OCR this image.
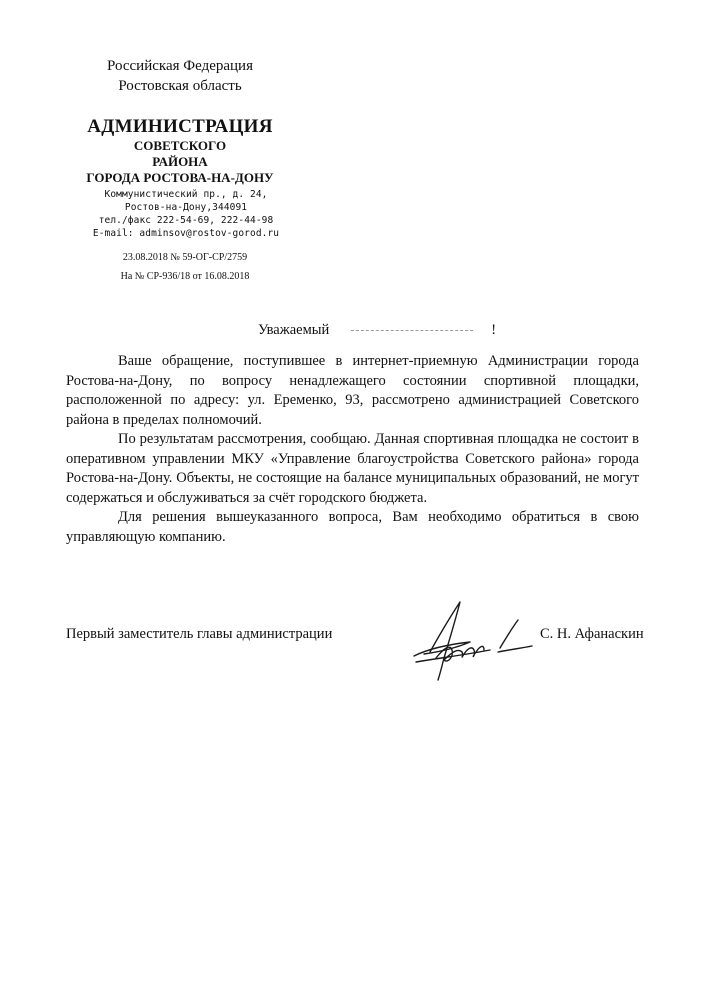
Российская Федерация
Ростовская область
АДМИНИСТРАЦИЯ
СОВЕТСКОГО
РАЙОНА
ГОРОДА РОСТОВА-НА-ДОНУ
Коммунистический пр., д. 24,
Ростов-на-Дону,344091
тел./факс 222-54-69, 222-44-98
E-mail: adminsov@rostov-gorod.ru
23.08.2018 № 59-ОГ-СР/2759
На № СР-936/18 от 16.08.2018
Уважаемый	!

Ваше обращение, поступившее в интернет-приемную Администрации города Ростова-на-Дону, по вопросу ненадлежащего состоянии спортивной площадки, расположенной по адресу: ул. Еременко, 93, рассмотрено администрацией Советского района в пределах полномочий.

По результатам рассмотрения, сообщаю. Данная спортивная площадка не состоит в оперативном управлении МКУ «Управление благоустройства Советского района» города Ростова-на-Дону. Объекты, не состоящие на балансе муниципальных образований, не могут содержаться и обслуживаться за счёт городского бюджета.

Для решения вышеуказанного вопроса, Вам необходимо обратиться в свою управляющую компанию.

Первый заместитель главы администрации	С. Н. Афанаскин
